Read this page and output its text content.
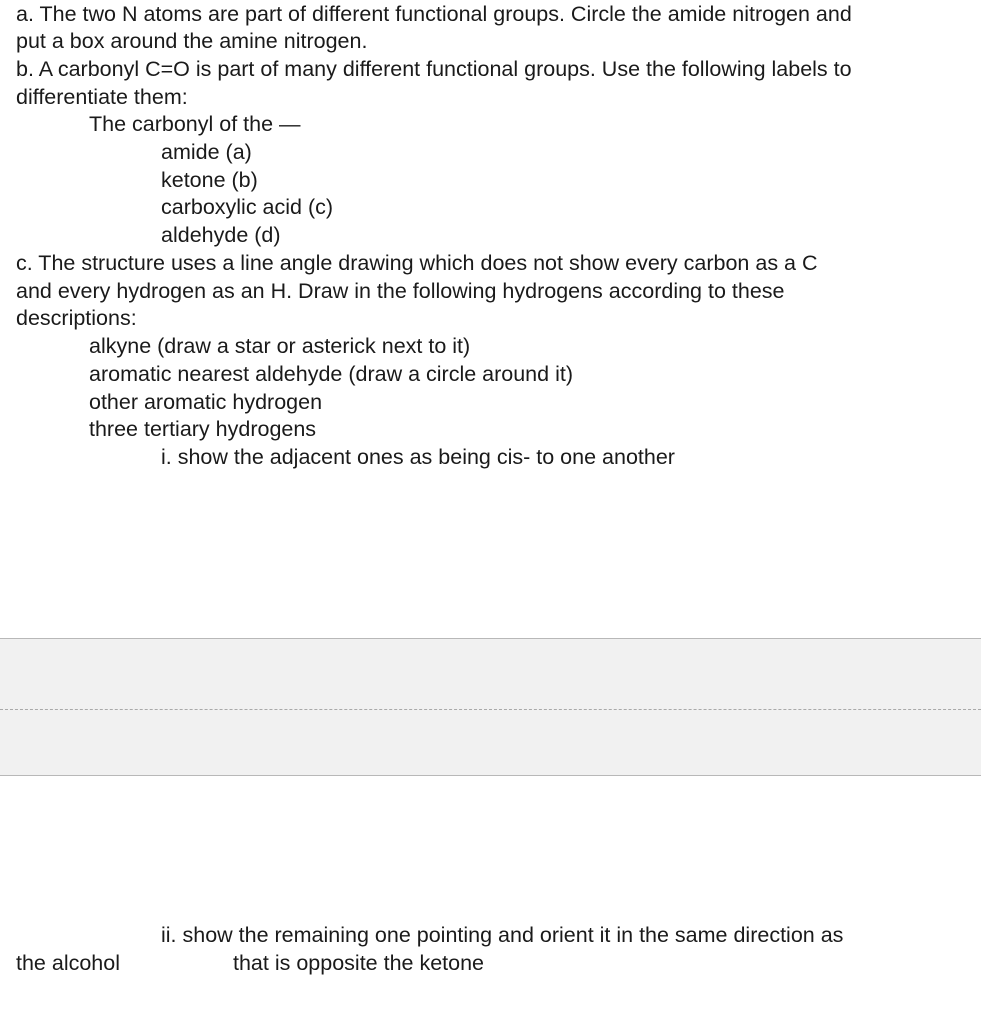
a. The two N atoms are part of different functional groups. Circle the amide nitrogen and
put a box around the amine nitrogen.
b. A carbonyl C=O is part of many different functional groups. Use the following labels to
differentiate them:
The carbonyl of the —
amide (a)
ketone (b)
carboxylic acid (c)
aldehyde (d)
c. The structure uses a line angle drawing which does not show every carbon as a C
and every hydrogen as an H. Draw in the following hydrogens according to these
descriptions:
alkyne (draw a star or asterick next to it)
aromatic nearest aldehyde (draw a circle around it)
other aromatic hydrogen
three tertiary hydrogens
i. show the adjacent ones as being cis- to one another
ii. show the remaining one pointing and orient it in the same direction as
the alcohol	that is opposite the ketone
